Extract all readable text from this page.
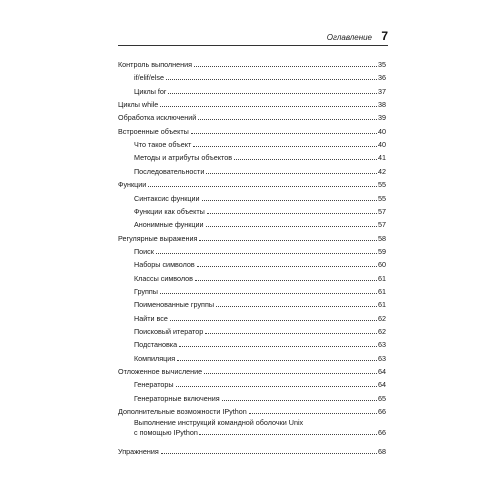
Оглавление 7
Контроль выполнения	35
if/elif/else	36
Циклы for	37
Циклы while	38
Обработка исключений	39
Встроенные объекты	40
Что такое объект	40
Методы и атрибуты объектов	41
Последовательности	42
Функции	55
Синтаксис функции	55
Функции как объекты	57
Анонимные функции	57
Регулярные выражения	58
Поиск	59
Наборы символов	60
Классы символов	61
Группы	61
Поименованные группы	61
Найти все	62
Поисковый итератор	62
Подстановка	63
Компиляция	63
Отложенное вычисление	64
Генераторы	64
Генераторные включения	65
Дополнительные возможности IPython	66
Выполнение инструкций командной оболочки Unix
с помощью IPython	66
Упражнения	68
